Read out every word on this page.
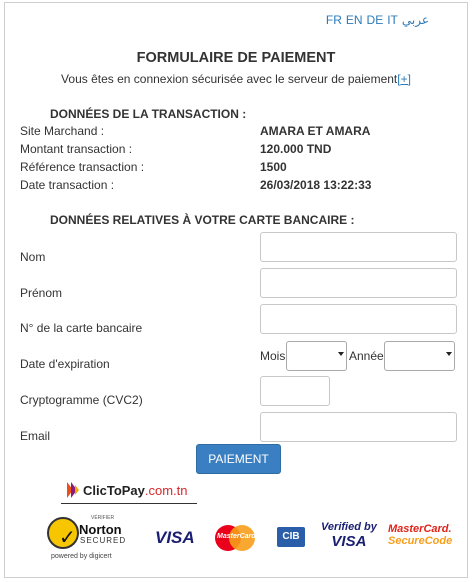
FR EN DE IT عربي
FORMULAIRE DE PAIEMENT
Vous êtes en connexion sécurisée avec le serveur de paiement[+]
DONNÉES DE LA TRANSACTION :
Site Marchand :	AMARA ET AMARA
Montant transaction :	120.000 TND
Référence transaction :	1500
Date transaction :	26/03/2018 13:22:33
DONNÉES RELATIVES À VOTRE CARTE BANCAIRE :
Nom
Prénom
N° de la carte bancaire
Date d'expiration
Mois	Année
Cryptogramme (CVC2)
Email
PAIEMENT
ClicToPay.com.tn
✓
VÉRIFIER
Norton
SECURED
powered by digicert
VISA	MasterCard	CIB
Verified by
VISA
MasterCard.
SecureCode
